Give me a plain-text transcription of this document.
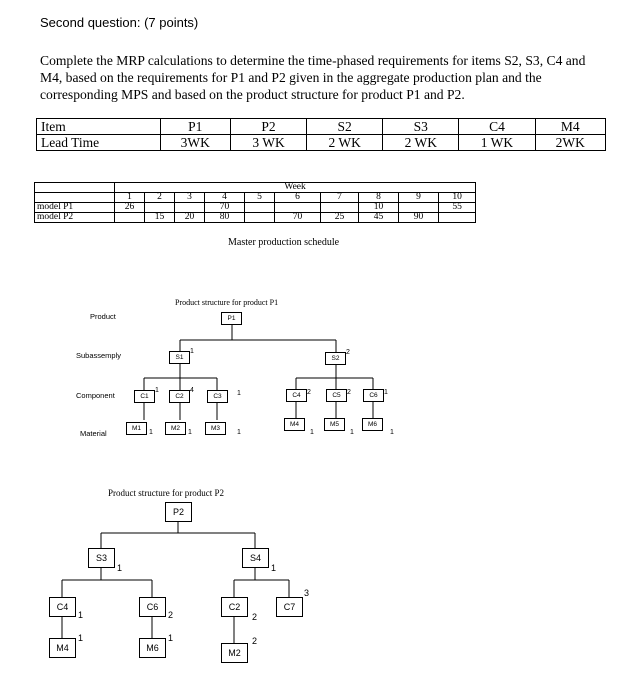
Second question: (7 points)
Complete the MRP calculations to determine the time-phased requirements for items S2, S3, C4 and M4, based on the requirements for P1 and P2 given in the aggregate production plan and the corresponding MPS and based on the product structure for product P1 and P2.
Item	P1	P2	S2	S3	C4	M4
Lead Time	3WK	3 WK	2 WK	2 WK	1 WK	2WK
	Week									
	1	2	3	4	5	6	7	8	9	10
model P1	26			70				10		55
model P2		15	20	80		70	25	45	90	
Master production schedule
Product structure for product P1
Product
Subassemply
Component
Material
P1
S1
1
S2
2
C1
1
C2
4
C3	1	C4 2	C5 2	C6 1
M1
1
M2
1
M3
1
M4
1
M5
1
M6
1
Product structure for product P2
P2
S3
1
S4
1
C4
1
C6
2
C2
2
C7
3
M4
1
M6
1
M2
2
